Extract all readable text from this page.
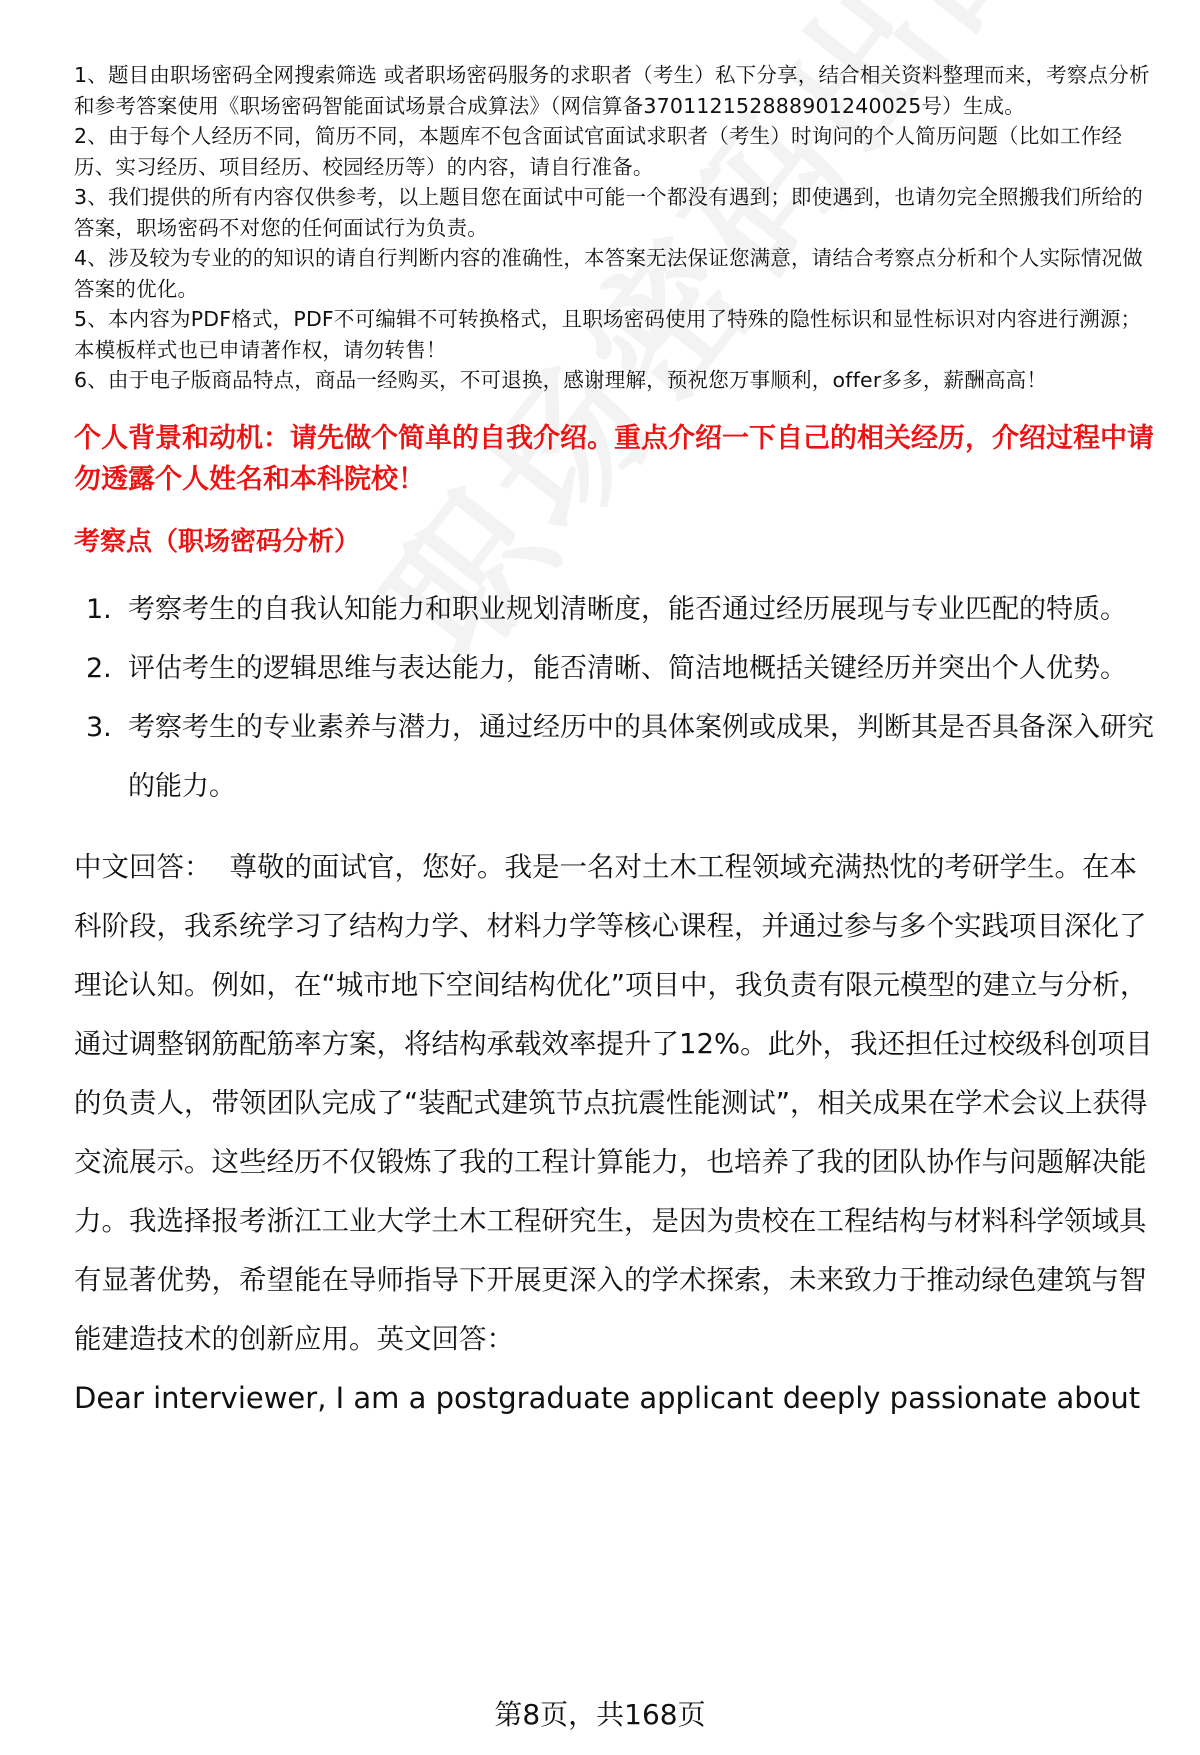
1、题目由职场密码全网搜索筛选 或者职场密码服务的求职者（考生）私下分享，结合相关资料整理而来，考察点分析和参考答案使用《职场密码智能面试场景合成算法》（网信算备370112152888901240025号）生成。
2、由于每个人经历不同，简历不同，本题库不包含面试官面试求职者（考生）时询问的个人简历问题（比如工作经历、实习经历、项目经历、校园经历等）的内容，请自行准备。
3、我们提供的所有内容仅供参考，以上题目您在面试中可能一个都没有遇到；即使遇到，也请勿完全照搬我们所给的答案，职场密码不对您的任何面试行为负责。
4、涉及较为专业的的知识的请自行判断内容的准确性，本答案无法保证您满意，请结合考察点分析和个人实际情况做答案的优化。
5、本内容为PDF格式，PDF不可编辑不可转换格式，且职场密码使用了特殊的隐性标识和显性标识对内容进行溯源；本模板样式也已申请著作权，请勿转售！
6、由于电子版商品特点，商品一经购买，不可退换，感谢理解，预祝您万事顺利，offer多多，薪酬高高！
个人背景和动机：请先做个简单的自我介绍。重点介绍一下自己的相关经历，介绍过程中请勿透露个人姓名和本科院校！
考察点（职场密码分析）
1. 考察考生的自我认知能力和职业规划清晰度，能否通过经历展现与专业匹配的特质。
2. 评估考生的逻辑思维与表达能力，能否清晰、简洁地概括关键经历并突出个人优势。
3. 考察考生的专业素养与潜力，通过经历中的具体案例或成果，判断其是否具备深入研究的能力。
中文回答： 尊敬的面试官，您好。我是一名对土木工程领域充满热忱的考研学生。在本科阶段，我系统学习了结构力学、材料力学等核心课程，并通过参与多个实践项目深化了理论认知。例如，在“城市地下空间结构优化”项目中，我负责有限元模型的建立与分析，通过调整钢筋配筋率方案，将结构承载效率提升了12%。此外，我还担任过校级科创项目的负责人，带领团队完成了“装配式建筑节点抗震性能测试”，相关成果在学术会议上获得交流展示。这些经历不仅锻炼了我的工程计算能力，也培养了我的团队协作与问题解决能力。我选择报考浙江工业大学土木工程研究生，是因为贵校在工程结构与材料科学领域具有显著优势，希望能在导师指导下开展更深入的学术探索，未来致力于推动绿色建筑与智能建造技术的创新应用。英文回答：
Dear interviewer, I am a postgraduate applicant deeply passionate about
第8页，共168页
